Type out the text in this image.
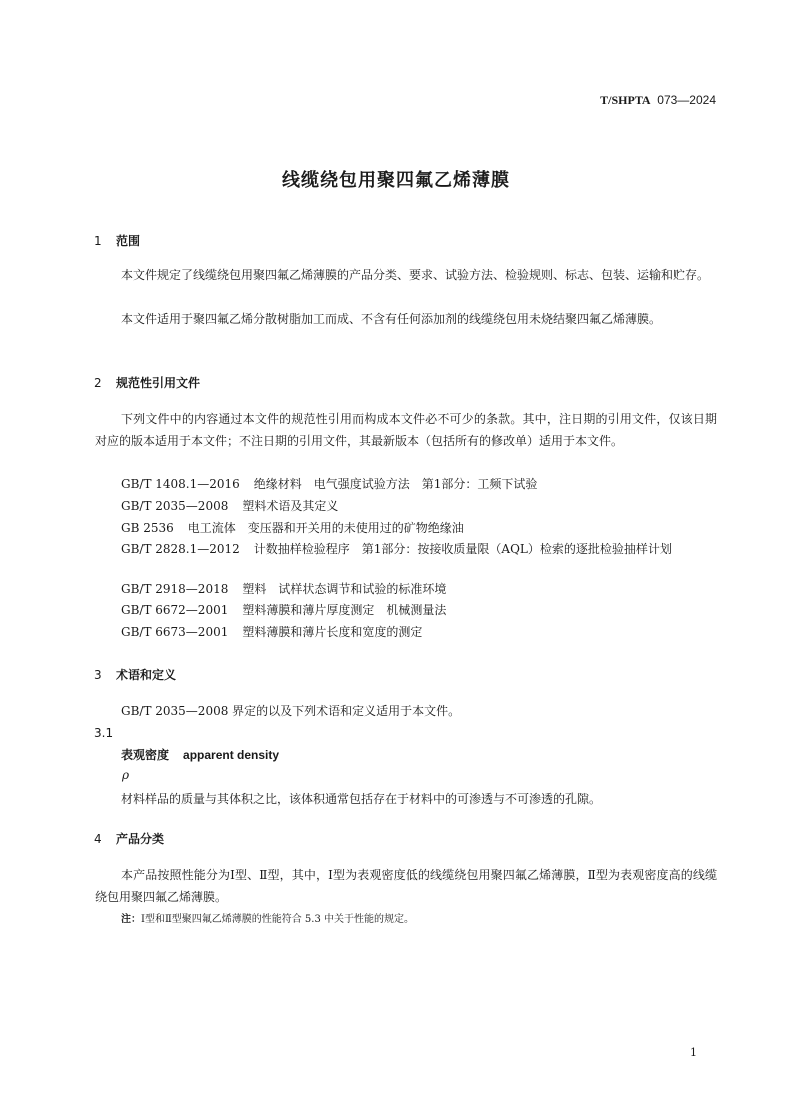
T/SHPTA 073—2024
线缆绕包用聚四氟乙烯薄膜
1 范围
本文件规定了线缆绕包用聚四氟乙烯薄膜的产品分类、要求、试验方法、检验规则、标志、包装、运输和贮存。
本文件适用于聚四氟乙烯分散树脂加工而成、不含有任何添加剂的线缆绕包用未烧结聚四氟乙烯薄膜。
2 规范性引用文件
下列文件中的内容通过本文件的规范性引用而构成本文件必不可少的条款。其中，注日期的引用文件，仅该日期对应的版本适用于本文件；不注日期的引用文件，其最新版本（包括所有的修改单）适用于本文件。
GB/T 1408.1—2016 绝缘材料　电气强度试验方法　第1部分：工频下试验
GB/T 2035—2008 塑料术语及其定义
GB 2536 电工流体　变压器和开关用的未使用过的矿物绝缘油
GB/T 2828.1—2012 计数抽样检验程序　第1部分：按接收质量限（AQL）检索的逐批检验抽样计划
GB/T 2918—2018 塑料　试样状态调节和试验的标准环境
GB/T 6672—2001 塑料薄膜和薄片厚度测定　机械测量法
GB/T 6673—2001 塑料薄膜和薄片长度和宽度的测定
3 术语和定义
GB/T 2035—2008 界定的以及下列术语和定义适用于本文件。
3.1
表观密度 apparent density
ρ
材料样品的质量与其体积之比，该体积通常包括存在于材料中的可渗透与不可渗透的孔隙。
4 产品分类
本产品按照性能分为Ⅰ型、Ⅱ型，其中，Ⅰ型为表观密度低的线缆绕包用聚四氟乙烯薄膜，Ⅱ型为表观密度高的线缆绕包用聚四氟乙烯薄膜。
注：Ⅰ型和Ⅱ型聚四氟乙烯薄膜的性能符合 5.3 中关于性能的规定。
1
